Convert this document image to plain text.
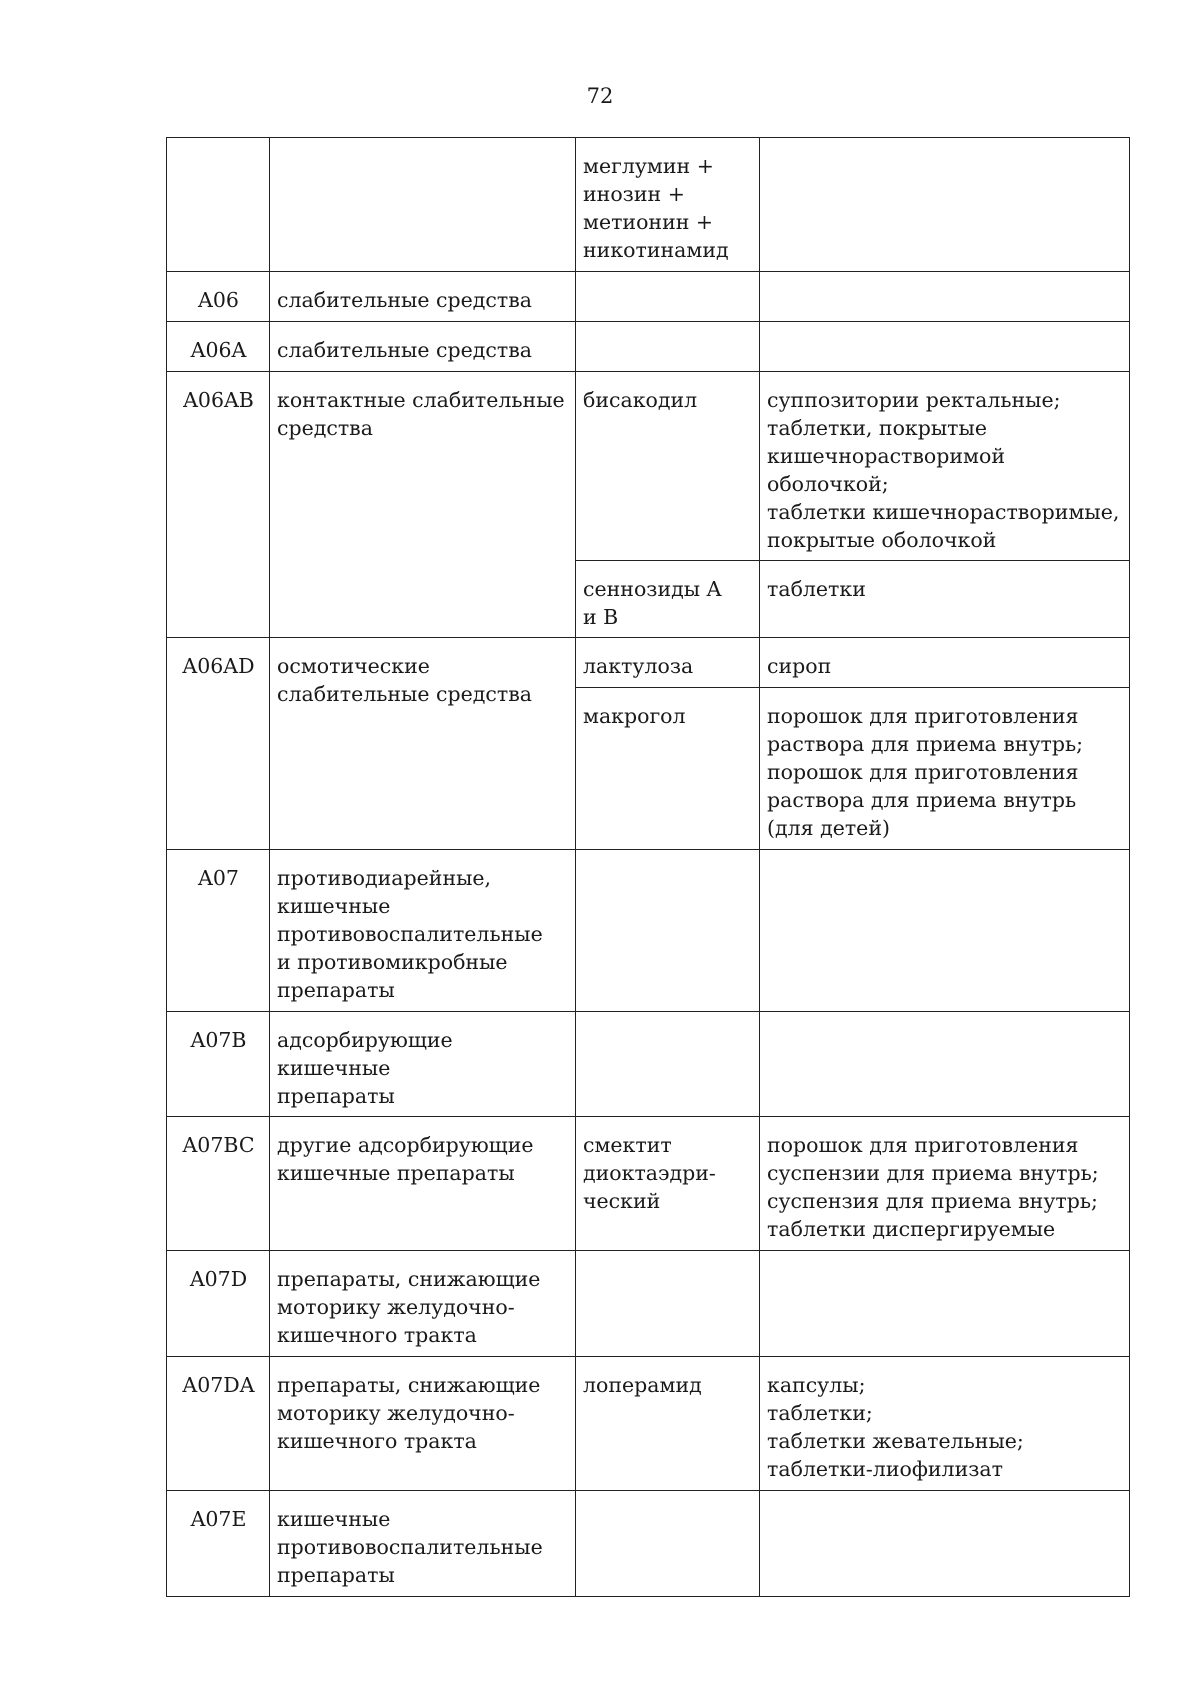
72
		меглумин +
инозин +
метионин +
никотинамид	
A06	слабительные средства		
A06A	слабительные средства		
A06AB	контактные слабительные
средства	бисакодил	суппозитории ректальные;
таблетки, покрытые
кишечнорастворимой оболочкой;
таблетки кишечнорастворимые,
покрытые оболочкой
		сеннозиды A
и B	таблетки
A06AD	осмотические
слабительные средства	лактулоза	сироп
		макрогол	порошок для приготовления
раствора для приема внутрь;
порошок для приготовления
раствора для приема внутрь
(для детей)
A07	противодиарейные,
кишечные
противовоспалительные
и противомикробные
препараты		
A07B	адсорбирующие кишечные
препараты		
A07BC	другие адсорбирующие
кишечные препараты	смектит
диоктаэдри-
ческий	порошок для приготовления
суспензии для приема внутрь;
суспензия для приема внутрь;
таблетки диспергируемые
A07D	препараты, снижающие
моторику желудочно-
кишечного тракта		
A07DA	препараты, снижающие
моторику желудочно-
кишечного тракта	лоперамид	капсулы;
таблетки;
таблетки жевательные;
таблетки-лиофилизат
A07E	кишечные
противовоспалительные
препараты		
